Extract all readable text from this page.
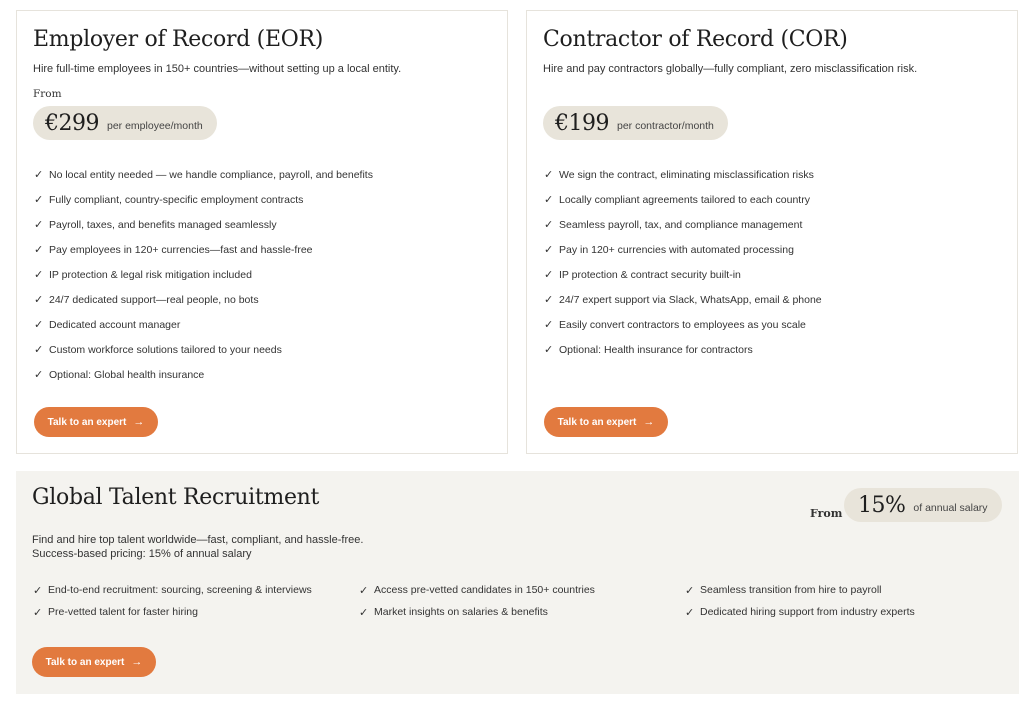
Employer of Record (EOR)

Hire full-time employees in 150+ countries—without setting up a local entity.

From
€299 per employee/month
✓ No local entity needed — we handle compliance, payroll, and benefits
✓ Fully compliant, country-specific employment contracts
✓ Payroll, taxes, and benefits managed seamlessly
✓ Pay employees in 120+ currencies—fast and hassle-free
✓ IP protection & legal risk mitigation included
✓ 24/7 dedicated support—real people, no bots
✓ Dedicated account manager
✓ Custom workforce solutions tailored to your needs
✓ Optional: Global health insurance
Talk to an expert →
Contractor of Record (COR)

Hire and pay contractors globally—fully compliant, zero misclassification risk.

€199 per contractor/month
✓ We sign the contract, eliminating misclassification risks
✓ Locally compliant agreements tailored to each country
✓ Seamless payroll, tax, and compliance management
✓ Pay in 120+ currencies with automated processing
✓ IP protection & contract security built-in
✓ 24/7 expert support via Slack, WhatsApp, email & phone
✓ Easily convert contractors to employees as you scale
✓ Optional: Health insurance for contractors
Talk to an expert →
Global Talent Recruitment

Find and hire top talent worldwide—fast, compliant, and hassle-free.
Success-based pricing: 15% of annual salary

From 15% of annual salary
✓ End-to-end recruitment: sourcing, screening & interviews
✓ Pre-vetted talent for faster hiring
✓ Access pre-vetted candidates in 150+ countries
✓ Market insights on salaries & benefits
✓ Seamless transition from hire to payroll
✓ Dedicated hiring support from industry experts
Talk to an expert →
